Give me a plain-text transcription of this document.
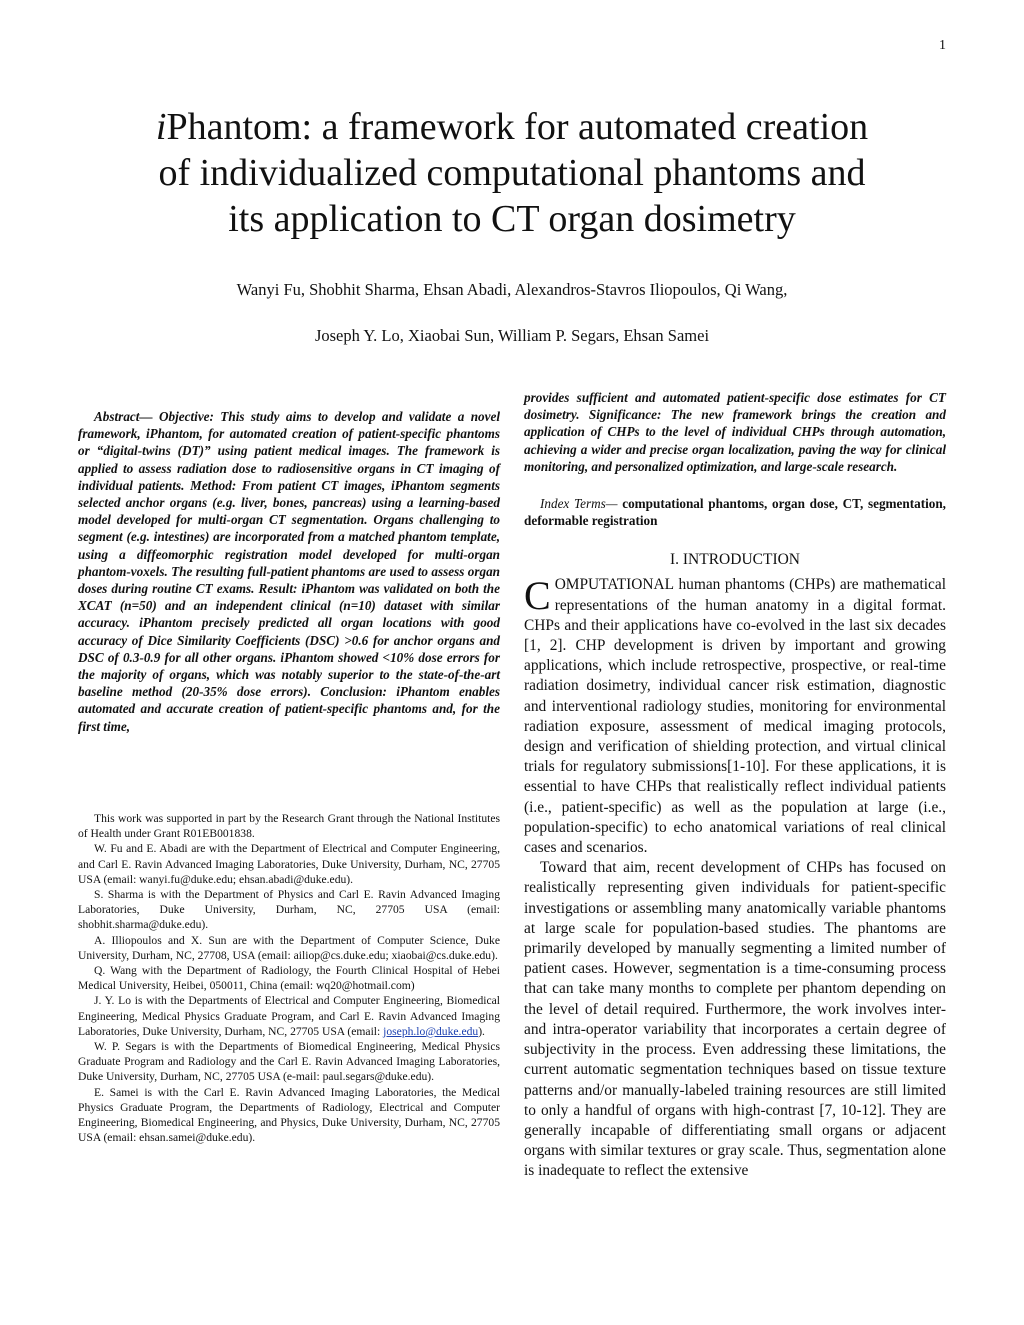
1
iPhantom: a framework for automated creation
of individualized computational phantoms and
its application to CT organ dosimetry
Wanyi Fu, Shobhit Sharma, Ehsan Abadi, Alexandros-Stavros Iliopoulos, Qi Wang,
Joseph Y. Lo, Xiaobai Sun, William P. Segars, Ehsan Samei

Abstract— Objective: This study aims to develop and validate a novel framework, iPhantom, for automated creation of patient-specific phantoms or “digital-twins (DT)” using patient medical images. The framework is applied to assess radiation dose to radiosensitive organs in CT imaging of individual patients. Method: From patient CT images, iPhantom segments selected anchor organs (e.g. liver, bones, pancreas) using a learning-based model developed for multi-organ CT segmentation. Organs challenging to segment (e.g. intestines) are incorporated from a matched phantom template, using a diffeomorphic registration model developed for multi-organ phantom-voxels. The resulting full-patient phantoms are used to assess organ doses during routine CT exams. Result: iPhantom was validated on both the XCAT (n=50) and an independent clinical (n=10) dataset with similar accuracy. iPhantom precisely predicted all organ locations with good accuracy of Dice Similarity Coefficients (DSC) >0.6 for anchor organs and DSC of 0.3-0.9 for all other organs. iPhantom showed <10% dose errors for the majority of organs, which was notably superior to the state-of-the-art baseline method (20-35% dose errors). Conclusion: iPhantom enables automated and accurate creation of patient-specific phantoms and, for the first time,

This work was supported in part by the Research Grant through the National Institutes of Health under Grant R01EB001838.

W. Fu and E. Abadi are with the Department of Electrical and Computer Engineering, and Carl E. Ravin Advanced Imaging Laboratories, Duke University, Durham, NC, 27705 USA (email: wanyi.fu@duke.edu; ehsan.abadi@duke.edu).

S. Sharma is with the Department of Physics and Carl E. Ravin Advanced Imaging Laboratories, Duke University, Durham, NC, 27705 USA (email: shobhit.sharma@duke.edu).

A. Illiopoulos and X. Sun are with the Department of Computer Science, Duke University, Durham, NC, 27708, USA (email: ailiop@cs.duke.edu; xiaobai@cs.duke.edu).

Q. Wang with the Department of Radiology, the Fourth Clinical Hospital of Hebei Medical University, Heibei, 050011, China (email: wq20@hotmail.com)

J. Y. Lo is with the Departments of Electrical and Computer Engineering, Biomedical Engineering, Medical Physics Graduate Program, and Carl E. Ravin Advanced Imaging Laboratories, Duke University, Durham, NC, 27705 USA (email: joseph.lo@duke.edu).

W. P. Segars is with the Departments of Biomedical Engineering, Medical Physics Graduate Program and Radiology and the Carl E. Ravin Advanced Imaging Laboratories, Duke University, Durham, NC, 27705 USA (e-mail: paul.segars@duke.edu).

E. Samei is with the Carl E. Ravin Advanced Imaging Laboratories, the Medical Physics Graduate Program, the Departments of Radiology, Electrical and Computer Engineering, Biomedical Engineering, and Physics, Duke University, Durham, NC, 27705 USA (email: ehsan.samei@duke.edu).

provides sufficient and automated patient-specific dose estimates for CT dosimetry. Significance: The new framework brings the creation and application of CHPs to the level of individual CHPs through automation, achieving a wider and precise organ localization, paving the way for clinical monitoring, and personalized optimization, and large-scale research.

Index Terms— computational phantoms, organ dose, CT, segmentation, deformable registration

I. INTRODUCTION

COMPUTATIONAL human phantoms (CHPs) are mathematical representations of the human anatomy in a digital format. CHPs and their applications have co-evolved in the last six decades [1, 2]. CHP development is driven by important and growing applications, which include retrospective, prospective, or real-time radiation dosimetry, individual cancer risk estimation, diagnostic and interventional radiology studies, monitoring for environmental radiation exposure, assessment of medical imaging protocols, design and verification of shielding protection, and virtual clinical trials for regulatory submissions[1-10]. For these applications, it is essential to have CHPs that realistically reflect individual patients (i.e., patient-specific) as well as the population at large (i.e., population-specific) to echo anatomical variations of real clinical cases and scenarios.

Toward that aim, recent development of CHPs has focused on realistically representing given individuals for patient-specific investigations or assembling many anatomically variable phantoms at large scale for population-based studies. The phantoms are primarily developed by manually segmenting a limited number of patient cases. However, segmentation is a time-consuming process that can take many months to complete per phantom depending on the level of detail required. Furthermore, the work involves inter- and intra-operator variability that incorporates a certain degree of subjectivity in the process. Even addressing these limitations, the current automatic segmentation techniques based on tissue texture patterns and/or manually-labeled training resources are still limited to only a handful of organs with high-contrast [7, 10-12]. They are generally incapable of differentiating small organs or adjacent organs with similar textures or gray scale. Thus, segmentation alone is inadequate to reflect the extensive
